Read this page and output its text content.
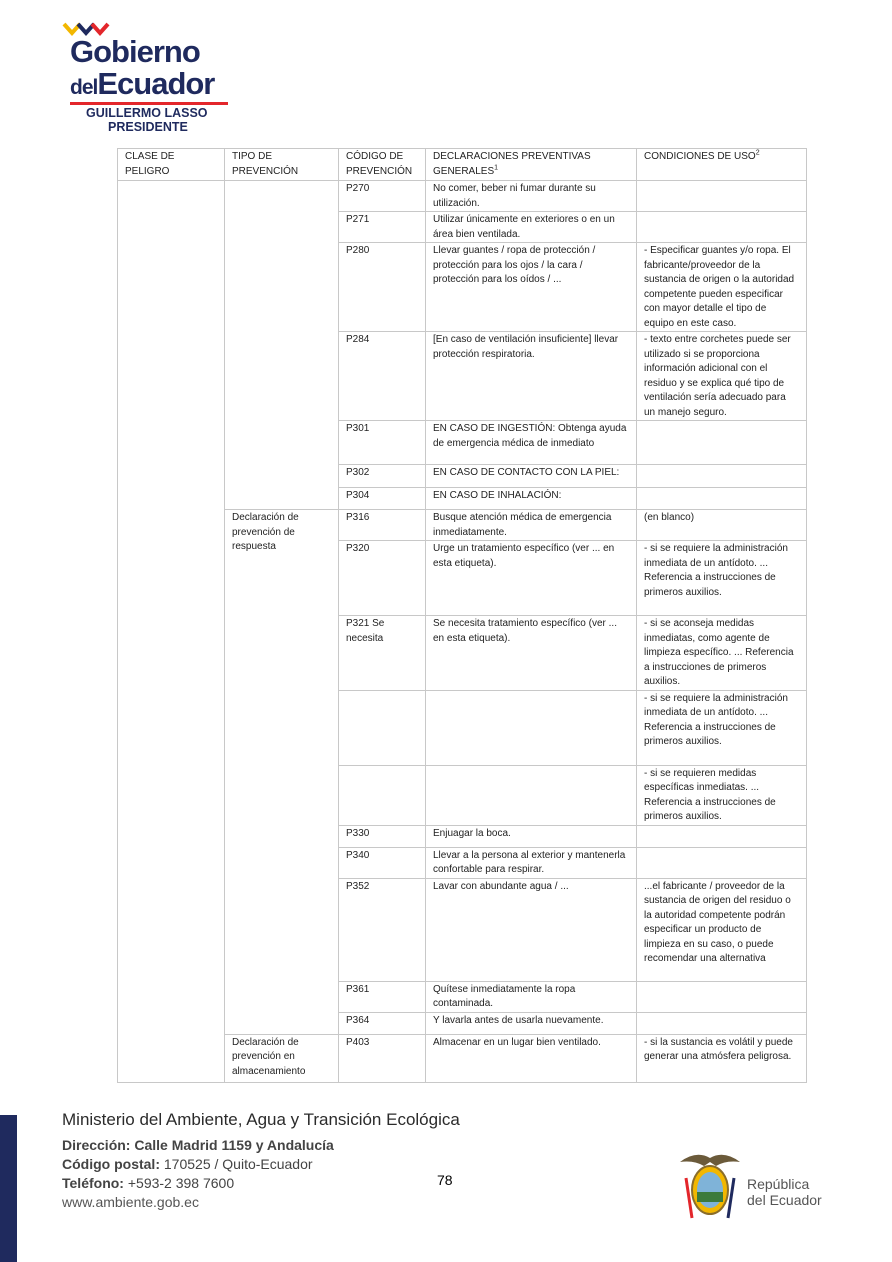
Gobierno
delEcuador
GUILLERMO LASSO
PRESIDENTE
CLASE DE PELIGRO	TIPO DE PREVENCIÓN	CÓDIGO DE PREVENCIÓN	DECLARACIONES PREVENTIVAS GENERALES$^1$	CONDICIONES DE USO$^2$
		P270	No comer, beber ni fumar durante su utilización.	
		P271	Utilizar únicamente en exteriores o en un área bien ventilada.	
		P280	Llevar guantes / ropa de protección / protección para los ojos / la cara / protección para los oídos / ...	- Especificar guantes y/o ropa. El fabricante/proveedor de la sustancia de origen o la autoridad competente pueden especificar con mayor detalle el tipo de equipo en este caso.
		P284	[En caso de ventilación insuficiente] llevar protección respiratoria.	- texto entre corchetes puede ser utilizado si se proporciona información adicional con el residuo y se explica qué tipo de ventilación sería adecuado para un manejo seguro.
		P301	EN CASO DE INGESTIÓN: Obtenga ayuda de emergencia médica de inmediato	
		P302	EN CASO DE CONTACTO CON LA PIEL:	
		P304	EN CASO DE INHALACIÓN:	
	Declaración de prevención de respuesta	P316	Busque atención médica de emergencia inmediatamente.	(en blanco)
		P320	Urge un tratamiento específico (ver ... en esta etiqueta).	- si se requiere la administración inmediata de un antídoto. ... Referencia a instrucciones de primeros auxilios.
		P321 Se necesita	Se necesita tratamiento específico (ver ... en esta etiqueta).	- si se aconseja medidas inmediatas, como agente de limpieza específico. ... Referencia a instrucciones de primeros auxilios.
				- si se requiere la administración inmediata de un antídoto. ... Referencia a instrucciones de primeros auxilios.
				- si se requieren medidas específicas inmediatas. ... Referencia a instrucciones de primeros auxilios.
		P330	Enjuagar la boca.	
		P340	Llevar a la persona al exterior y mantenerla confortable para respirar.	
		P352	Lavar con abundante agua / ...	...el fabricante / proveedor de la sustancia de origen del residuo o la autoridad competente podrán especificar un producto de limpieza en su caso, o puede recomendar una alternativa
		P361	Quítese inmediatamente la ropa contaminada.	
		P364	Y lavarla antes de usarla nuevamente.	
	Declaración de prevención en almacenamiento	P403	Almacenar en un lugar bien ventilado.	- si la sustancia es volátil y puede generar una atmósfera peligrosa.
Ministerio del Ambiente, Agua y Transición Ecológica
Dirección: Calle Madrid 1159 y Andalucía
Código postal: 170525 / Quito-Ecuador
Teléfono: +593-2 398 7600
www.ambiente.gob.ec
78	República
del Ecuador
